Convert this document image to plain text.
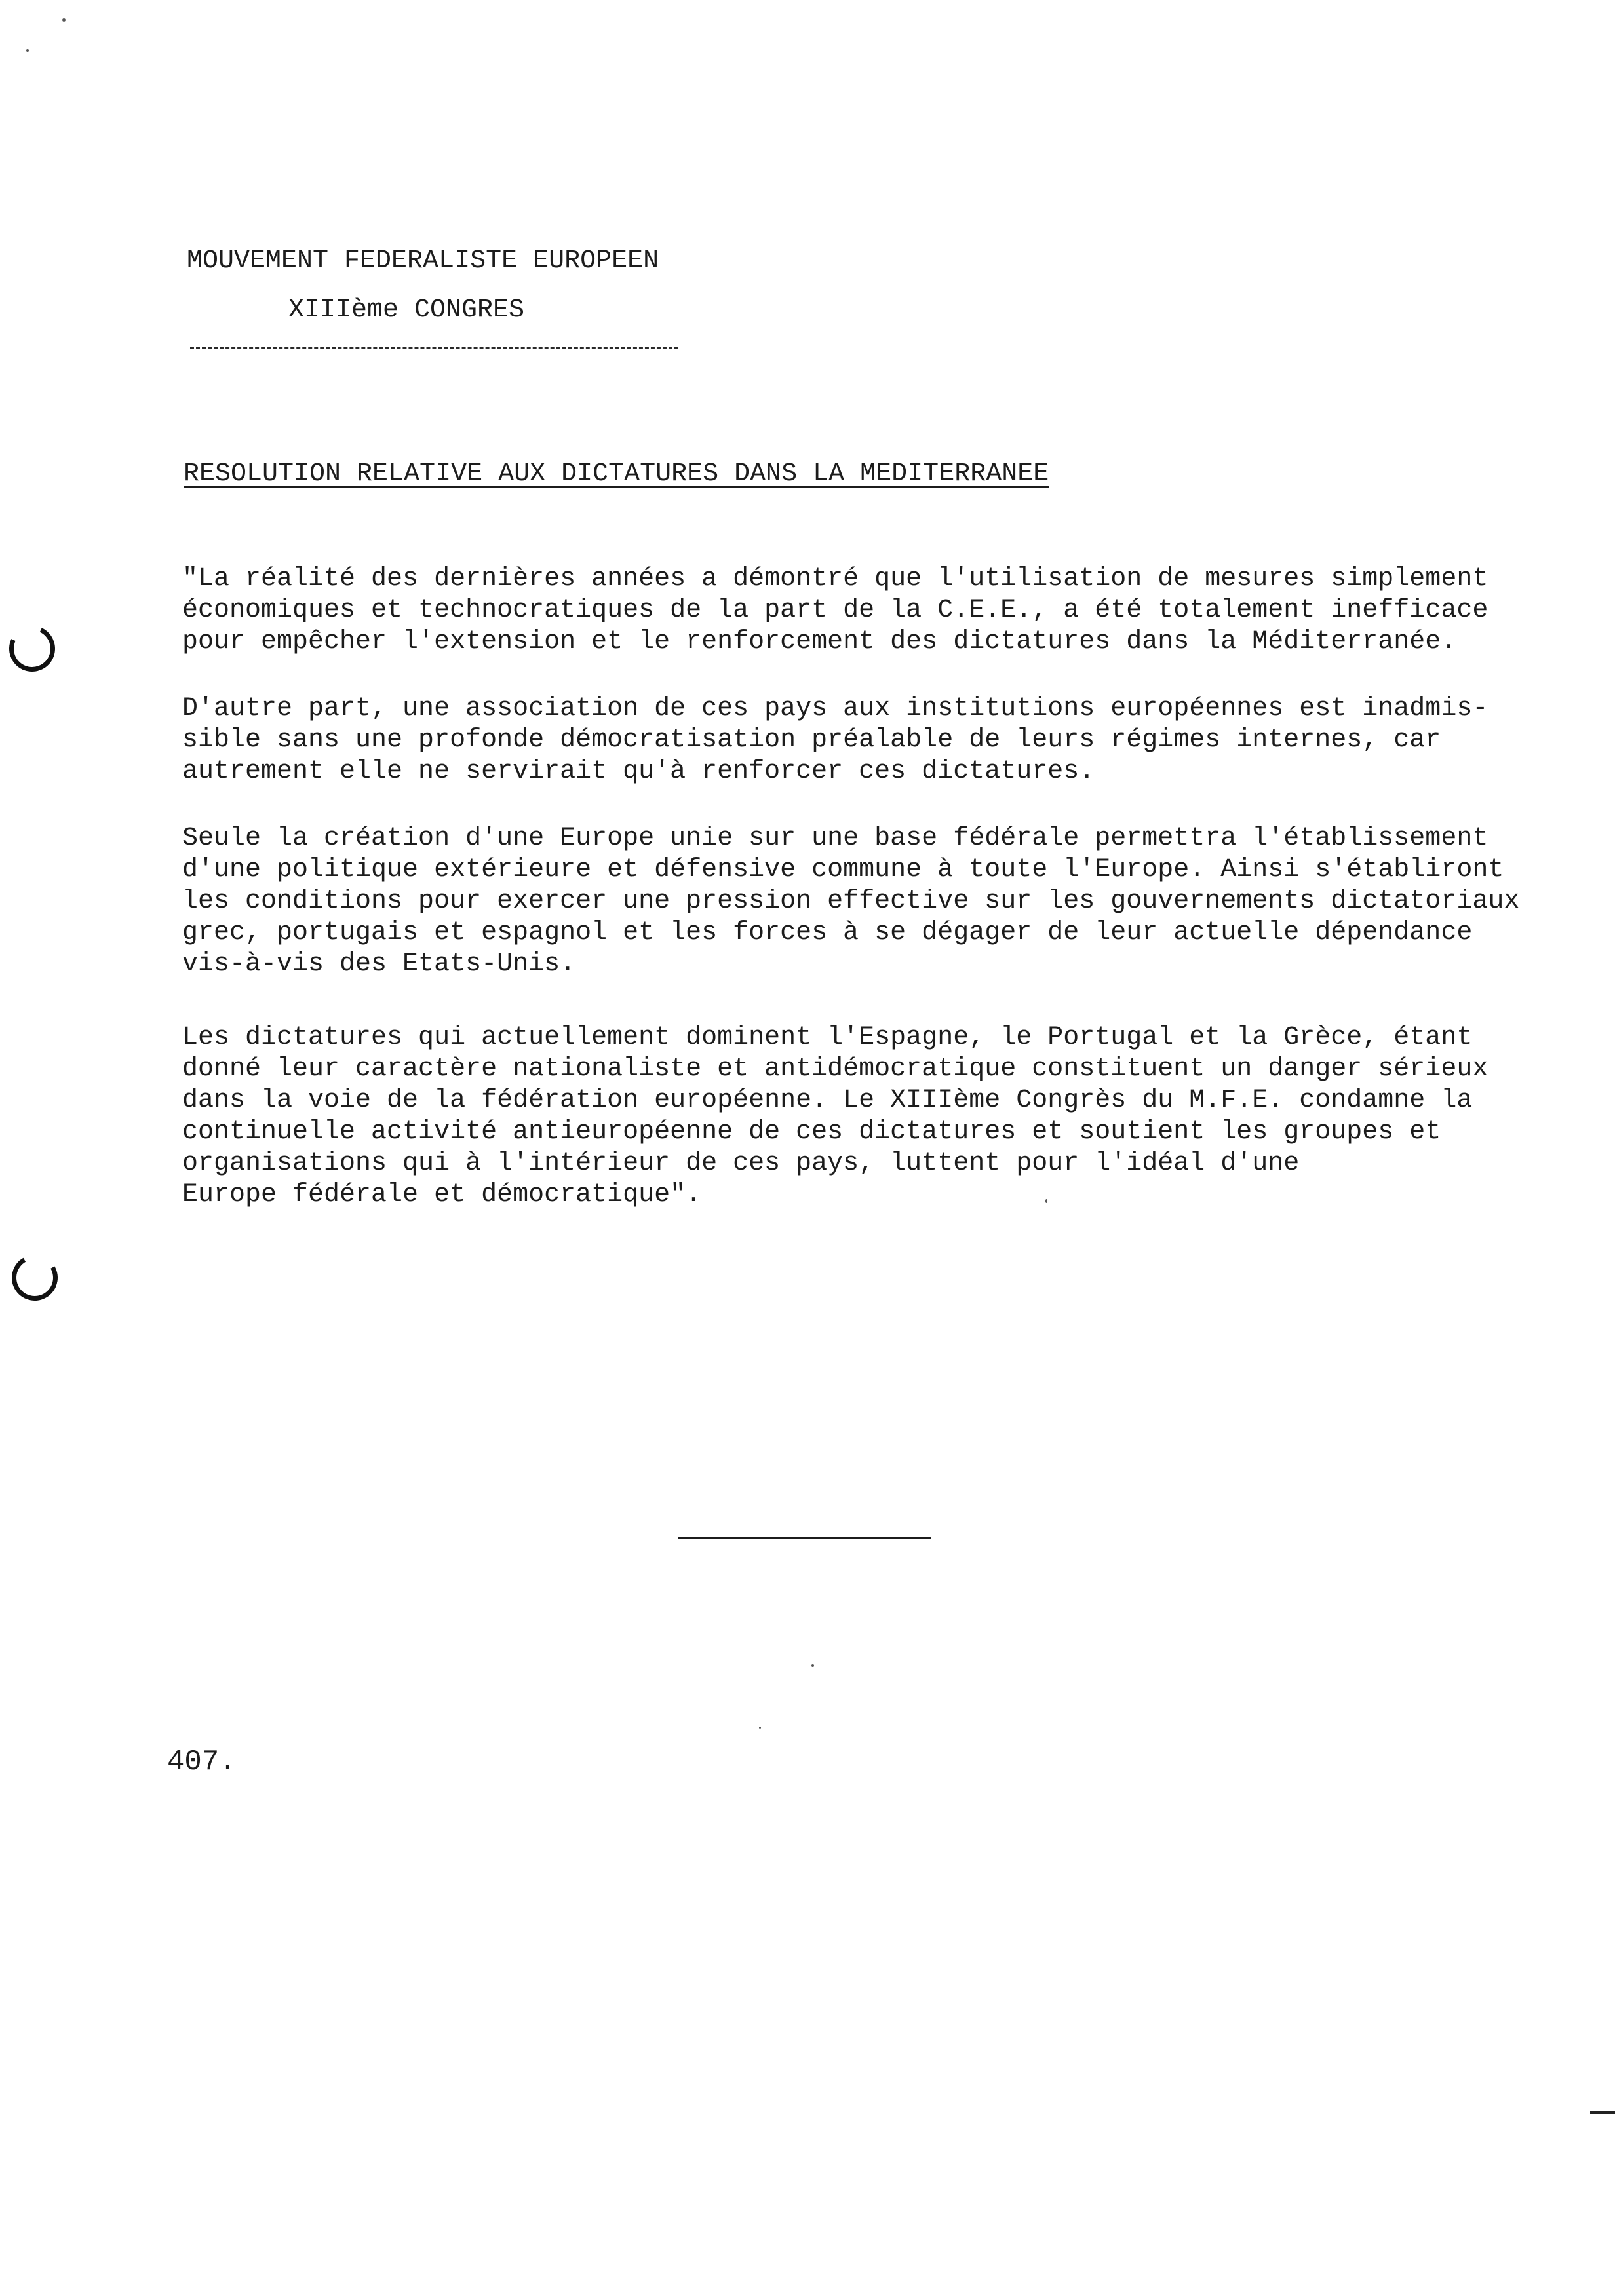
MOUVEMENT FEDERALISTE EUROPEEN
XIIIème CONGRES
RESOLUTION RELATIVE AUX DICTATURES DANS LA MEDITERRANEE

"La réalité des dernières années a démontré que l'utilisation de mesures simplement
économiques et technocratiques de la part de la C.E.E., a été totalement inefficace
pour empêcher l'extension et le renforcement des dictatures dans la Méditerranée.

D'autre part, une association de ces pays aux institutions européennes est inadmis-
sible sans une profonde démocratisation préalable de leurs régimes internes, car
autrement elle ne servirait qu'à renforcer ces dictatures.

Seule la création d'une Europe unie sur une base fédérale permettra l'établissement
d'une politique extérieure et défensive commune à toute l'Europe. Ainsi s'établiront
les conditions pour exercer une pression effective sur les gouvernements dictatoriaux
grec, portugais et espagnol et les forces à se dégager de leur actuelle dépendance
vis-à-vis des Etats-Unis.

Les dictatures qui actuellement dominent l'Espagne, le Portugal et la Grèce, étant
donné leur caractère nationaliste et antidémocratique constituent un danger sérieux
dans la voie de la fédération européenne. Le XIIIème Congrès du M.F.E. condamne la
continuelle activité antieuropéenne de ces dictatures et soutient les groupes et
organisations qui à l'intérieur de ces pays, luttent pour l'idéal d'une
Europe fédérale et démocratique".

407.
